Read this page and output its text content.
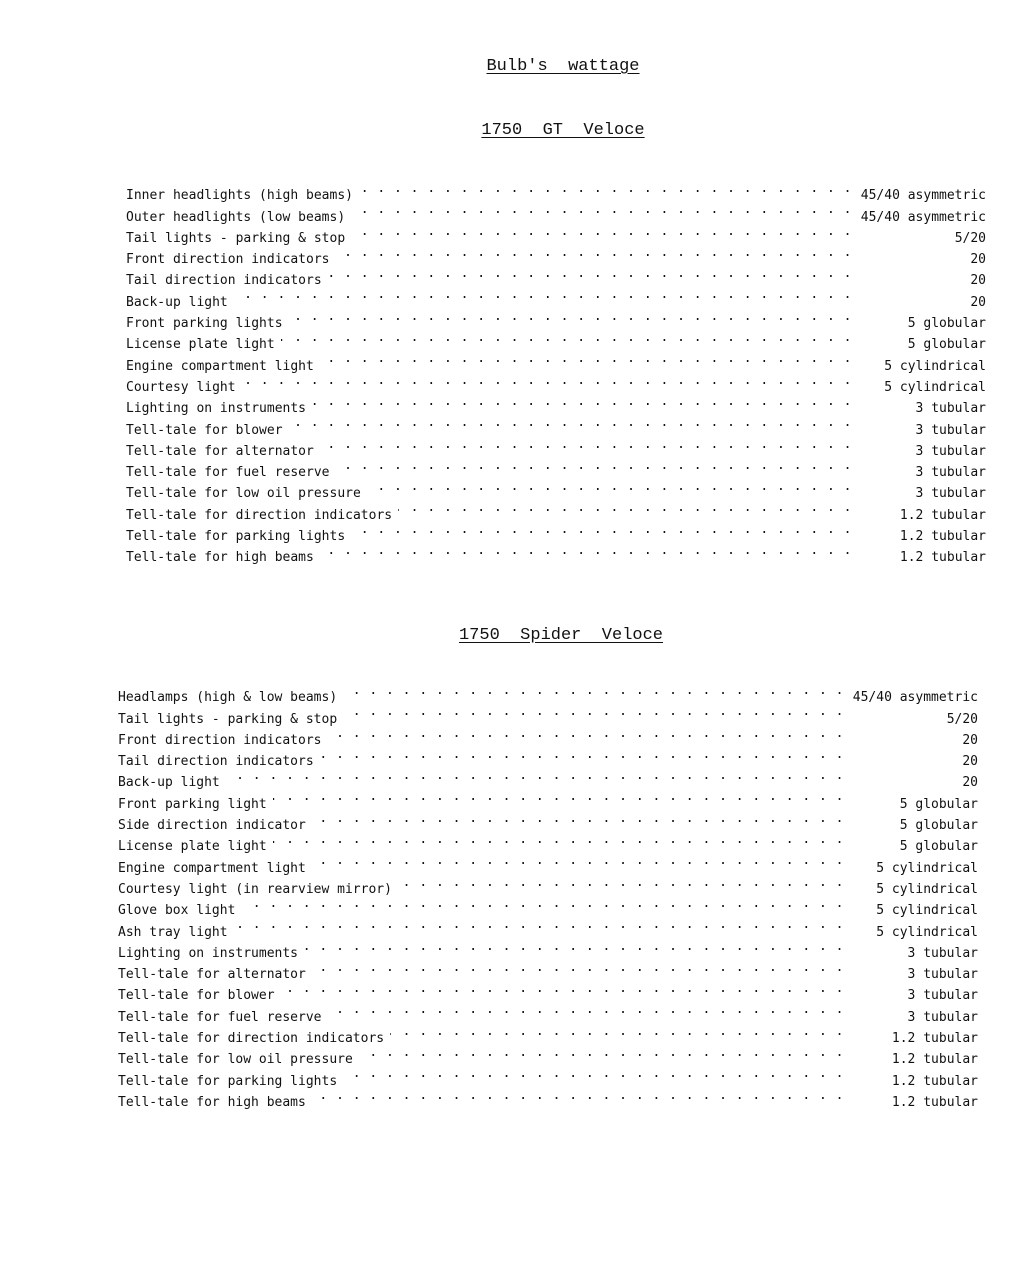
Bulb's  wattage
1750  GT  Veloce
Inner headlights (high beams) . . .	45/40 asymmetric
Outer headlights (low beams) . . .	45/40 asymmetric
Tail lights - parking & stop . . .	5/20
Front direction indicators . . .	20
Tail direction indicators . . .	20
Back-up light . . .	20
Front parking lights . . .	5 globular
License plate light . . .	5 globular
Engine compartment light . . .	5 cylindrical
Courtesy light . . .	5 cylindrical
Lighting on instruments . . .	3 tubular
Tell-tale for blower . . .	3 tubular
Tell-tale for alternator . . .	3 tubular
Tell-tale for fuel reserve . . .	3 tubular
Tell-tale for low oil pressure . . .	3 tubular
Tell-tale for direction indicators . . .	1.2 tubular
Tell-tale for parking lights . . .	1.2 tubular
Tell-tale for high beams . . .	1.2 tubular
1750  Spider  Veloce
Headlamps (high & low beams) . . .	45/40 asymmetric
Tail lights - parking & stop . . .	5/20
Front direction indicators . . .	20
Tail direction indicators . . .	20
Back-up light . . .	20
Front parking light . . .	5 globular
Side direction indicator . . .	5 globular
License plate light . . .	5 globular
Engine compartment light . . .	5 cylindrical
Courtesy light (in rearview mirror) . . .	5 cylindrical
Glove box light . . .	5 cylindrical
Ash tray light . . .	5 cylindrical
Lighting on instruments . . .	3 tubular
Tell-tale for alternator . . .	3 tubular
Tell-tale for blower . . .	3 tubular
Tell-tale for fuel reserve . . .	3 tubular
Tell-tale for direction indicators . . .	1.2 tubular
Tell-tale for low oil pressure . . .	1.2 tubular
Tell-tale for parking lights . . .	1.2 tubular
Tell-tale for high beams . . .	1.2 tubular
